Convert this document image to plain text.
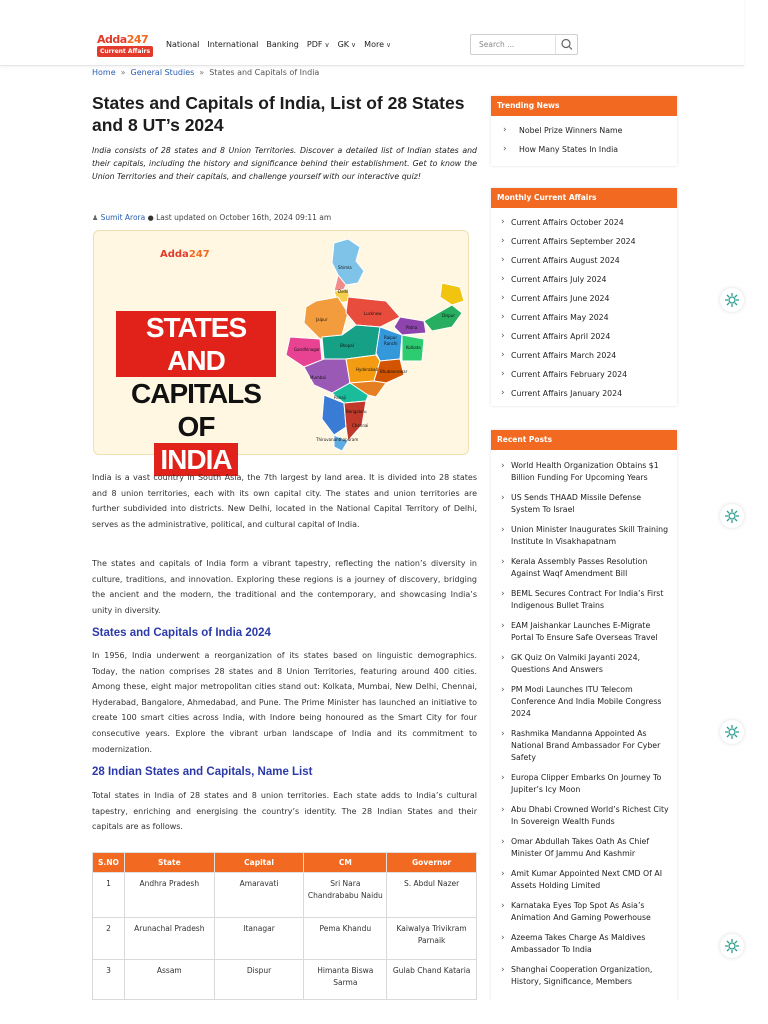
Adda247
Current Affairs
National International Banking PDF ∨ GK ∨ More ∨
Search ...
Home » General Studies » States and Capitals of India
States and Capitals of India, List of 28 States and 8 UT’s 2024

India consists of 28 states and 8 Union Territories. Discover a detailed list of Indian states and their capitals, including the history and significance behind their establishment. Get to know the Union Territories and their capitals, and challenge yourself with our interactive quiz!

♟ Sumit Arora ● Last updated on October 16th, 2024 09:11 am
Adda247
STATES AND
CAPITALS OF
INDIA
Shimla
Delhi
Jaipur
Lucknow
Patna
Dispur
Gandhinagar
Bhopal	Ranchi
Kolkata
Mumbai
Hyderabad Bhubaneswar
Panaji
Bengaluru
Chennai
Thiruvananthapuram
Raipur

India is a vast country in South Asia, the 7th largest by land area. It is divided into 28 states and 8 union territories, each with its own capital city. The states and union territories are further subdivided into districts. New Delhi, located in the National Capital Territory of Delhi, serves as the administrative, political, and cultural capital of India.

The states and capitals of India form a vibrant tapestry, reflecting the nation’s diversity in culture, traditions, and innovation. Exploring these regions is a journey of discovery, bridging the ancient and the modern, the traditional and the contemporary, and showcasing India’s unity in diversity.

States and Capitals of India 2024

In 1956, India underwent a reorganization of its states based on linguistic demographics. Today, the nation comprises 28 states and 8 Union Territories, featuring around 400 cities. Among these, eight major metropolitan cities stand out: Kolkata, Mumbai, New Delhi, Chennai, Hyderabad, Bangalore, Ahmedabad, and Pune. The Prime Minister has launched an initiative to create 100 smart cities across India, with Indore being honoured as the Smart City for four consecutive years. Explore the vibrant urban landscape of India and its commitment to modernization.

28 Indian States and Capitals, Name List

Total states in India of 28 states and 8 union territories. Each state adds to India’s cultural tapestry, enriching and energising the country’s identity. The 28 Indian States and their capitals are as follows.

S.NO	State	Capital	CM	Governor
1	Andhra Pradesh	Amaravati	Sri Nara Chandrababu Naidu	S. Abdul Nazer
2	Arunachal Pradesh	Itanagar	Pema Khandu	Kaiwalya Trivikram Parnaik
3	Assam	Dispur	Himanta Biswa Sarma	Gulab Chand Kataria
Trending News
› Nobel Prize Winners Name
› How Many States In India
Monthly Current Affairs
› Current Affairs October 2024
› Current Affairs September 2024
› Current Affairs August 2024
› Current Affairs July 2024
› Current Affairs June 2024
› Current Affairs May 2024
› Current Affairs April 2024
› Current Affairs March 2024
› Current Affairs February 2024
› Current Affairs January 2024
Recent Posts
› World Health Organization Obtains $1 Billion Funding For Upcoming Years
› US Sends THAAD Missile Defense System To Israel
› Union Minister Inaugurates Skill Training Institute In Visakhapatnam
› Kerala Assembly Passes Resolution Against Waqf Amendment Bill
› BEML Secures Contract For India’s First Indigenous Bullet Trains
› EAM Jaishankar Launches E-Migrate Portal To Ensure Safe Overseas Travel
› GK Quiz On Valmiki Jayanti 2024, Questions And Answers
› PM Modi Launches ITU Telecom Conference And India Mobile Congress 2024
› Rashmika Mandanna Appointed As National Brand Ambassador For Cyber Safety
› Europa Clipper Embarks On Journey To Jupiter’s Icy Moon
› Abu Dhabi Crowned World’s Richest City In Sovereign Wealth Funds
› Omar Abdullah Takes Oath As Chief Minister Of Jammu And Kashmir
› Amit Kumar Appointed Next CMD Of AI Assets Holding Limited
› Karnataka Eyes Top Spot As Asia’s Animation And Gaming Powerhouse
› Azeema Takes Charge As Maldives Ambassador To India
› Shanghai Cooperation Organization, History, Significance, Members
